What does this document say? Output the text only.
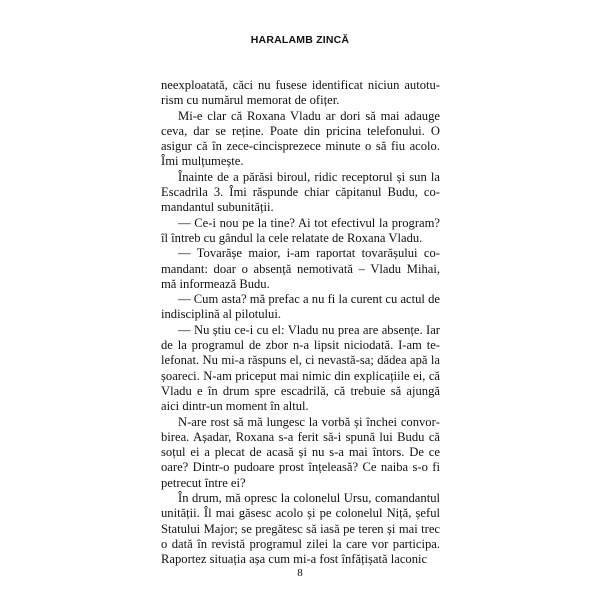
HARALAMB ZINCĂ

neexploatată, căci nu fusese identificat niciun autoturism cu numărul memorat de ofițer.

Mi-e clar că Roxana Vladu ar dori să mai adauge ceva, dar se reține. Poate din pricina telefonului. O asigur că în zece-cincisprezece minute o să fiu acolo. Îmi mulțumește.

Înainte de a părăsi biroul, ridic receptorul și sun la Escadrila 3. Îmi răspunde chiar căpitanul Budu, comandantul subunității.

— Ce-i nou pe la tine? Ai tot efectivul la program? îl întreb cu gândul la cele relatate de Roxana Vladu.

— Tovarășe maior, i-am raportat tovarășului comandant: doar o absență nemotivată – Vladu Mihai, mă informează Budu.

— Cum asta? mă prefac a nu fi la curent cu actul de indisciplină al pilotului.

— Nu știu ce-i cu el: Vladu nu prea are absențe. Iar de la programul de zbor n-a lipsit niciodată. I-am telefonat. Nu mi-a răspuns el, ci nevastă-sa; dădea apă la șoareci. N-am priceput mai nimic din explicațiile ei, că Vladu e în drum spre escadrilă, că trebuie să ajungă aici dintr-un moment în altul.

N-are rost să mă lungesc la vorbă și închei convorbirea. Așadar, Roxana s-a ferit să-i spună lui Budu că soțul ei a plecat de acasă și nu s-a mai întors. De ce oare? Dintr-o pudoare prost înțeleasă? Ce naiba s-o fi petrecut între ei?

În drum, mă opresc la colonelul Ursu, comandantul unității. Îl mai găsesc acolo și pe colonelul Niță, șeful Statului Major; se pregătesc să iasă pe teren și mai trec o dată în revistă programul zilei la care vor participa. Raportez situația așa cum mi-a fost înfățișată laconic

8
